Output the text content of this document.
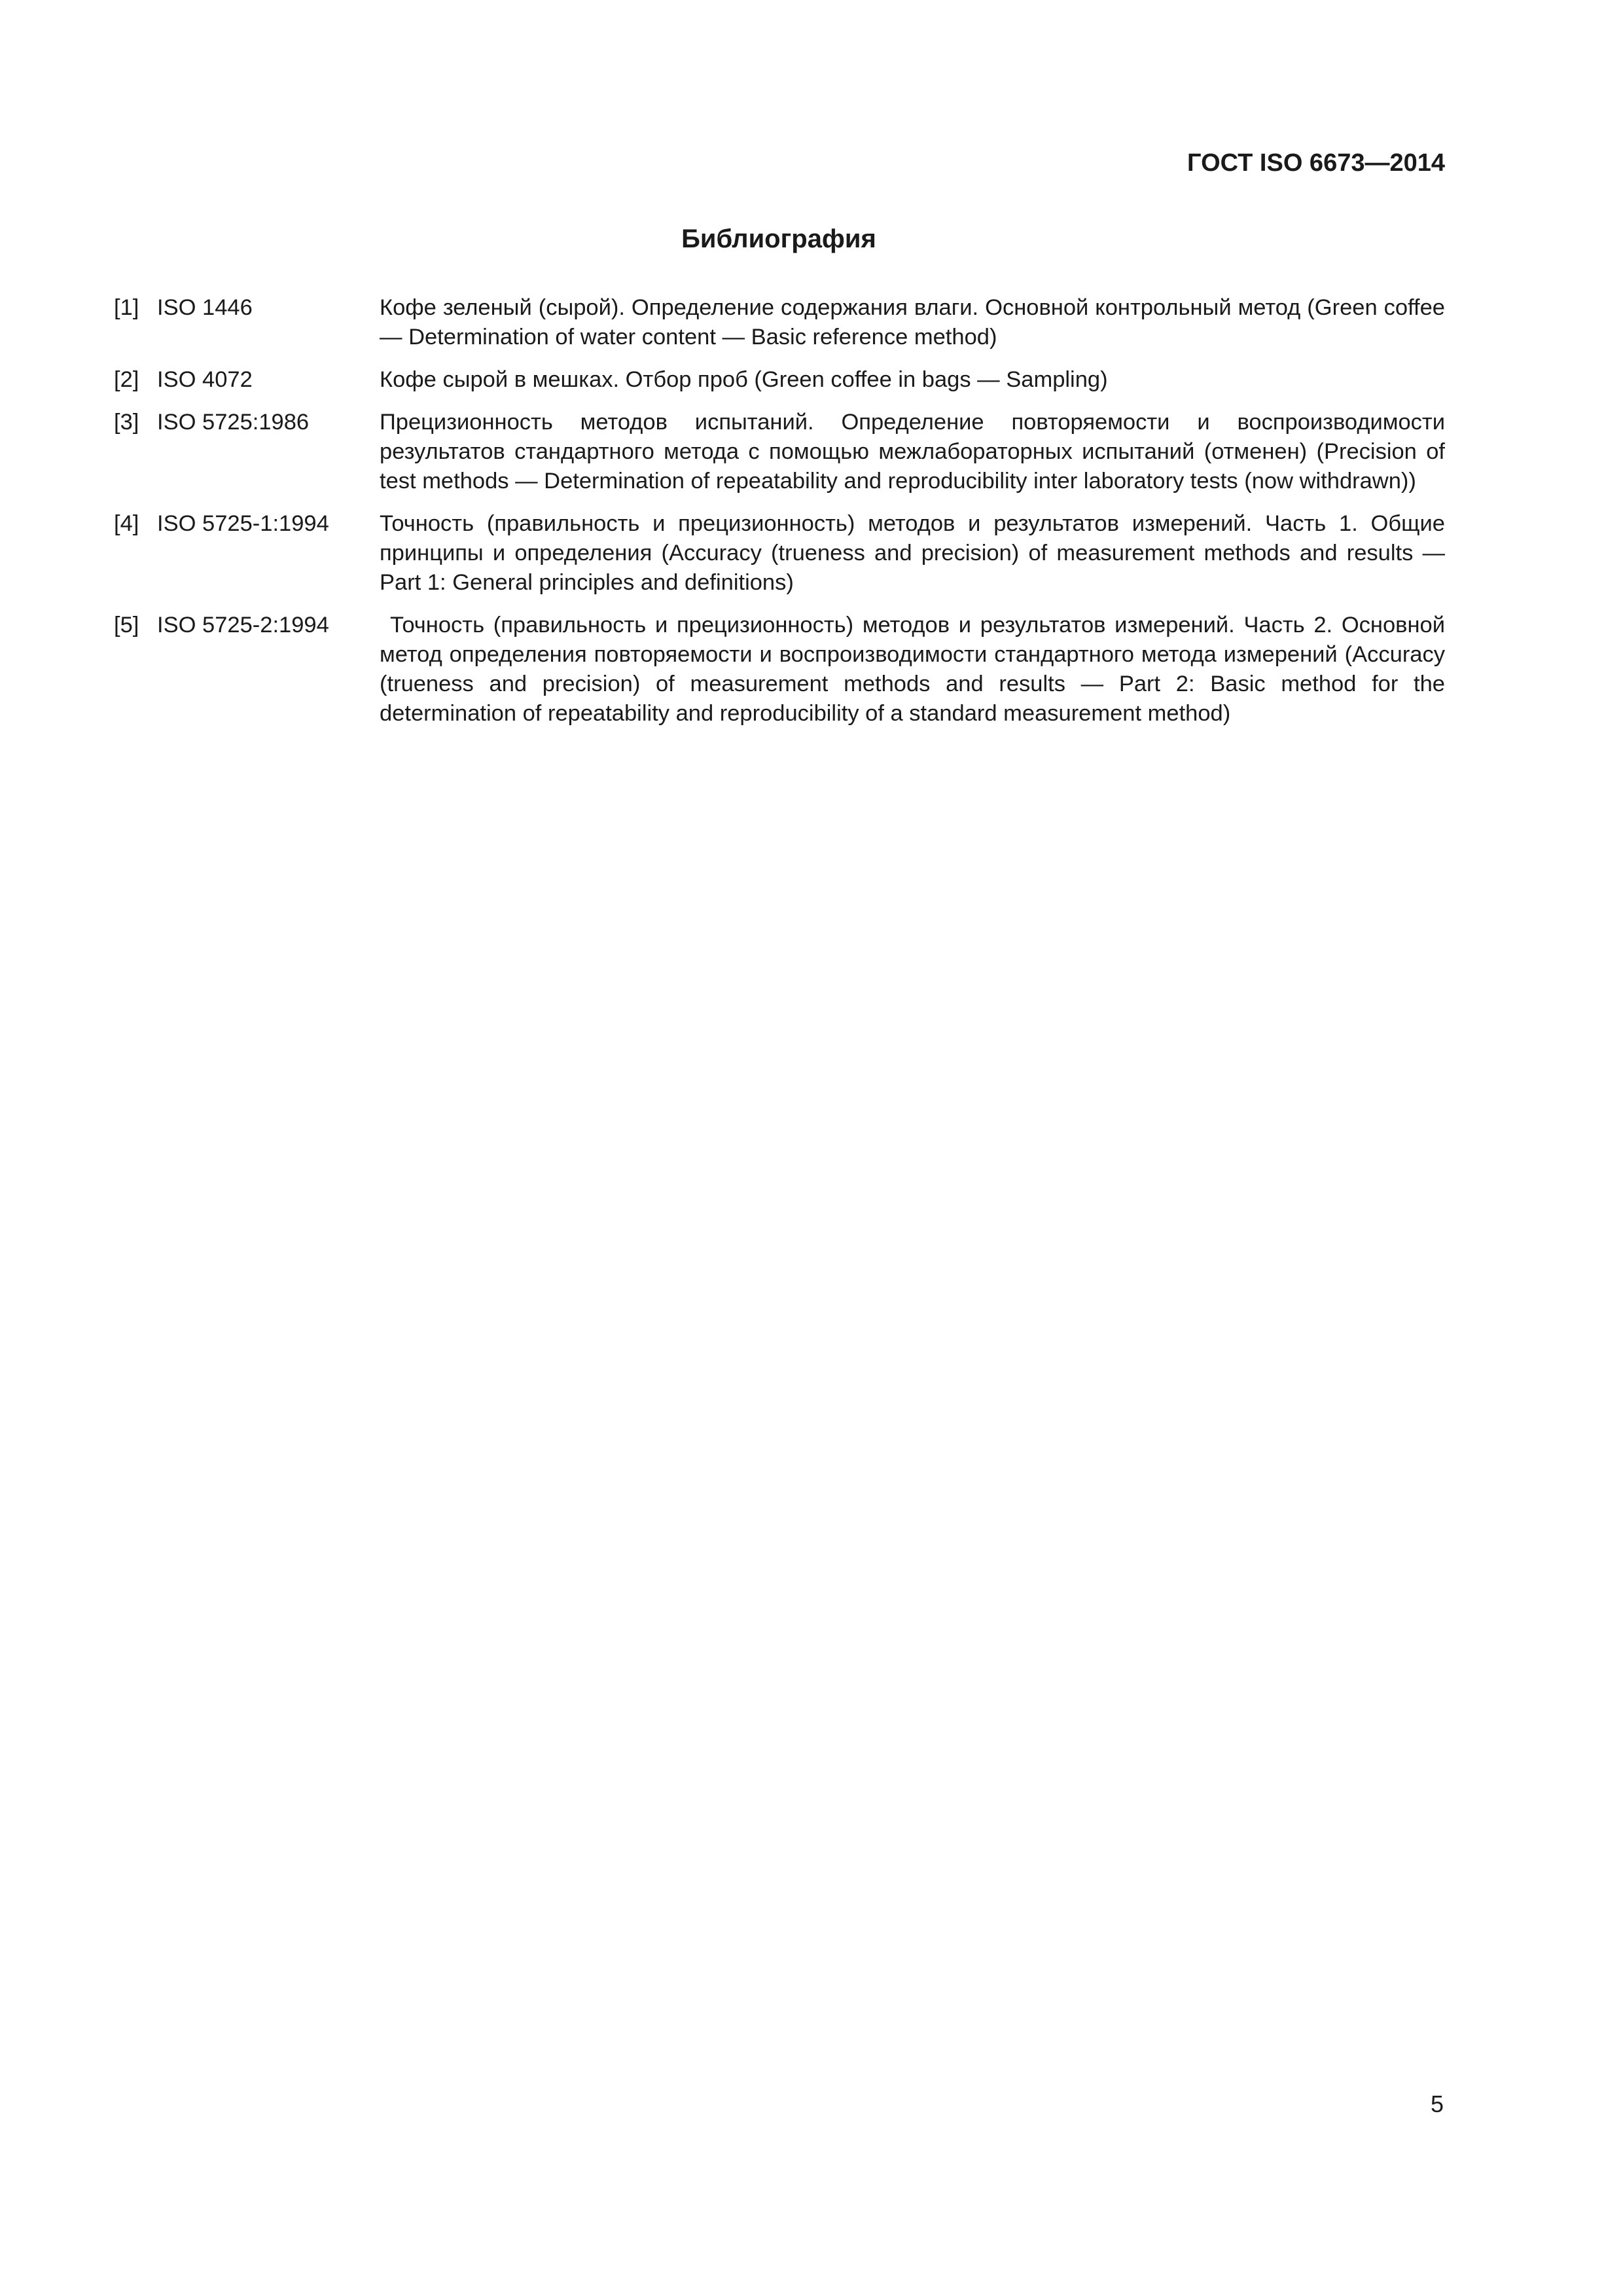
ГОСТ ISO 6673—2014
Библиография
[1] ISO 1446	Кофе зеленый (сырой). Определение содержания влаги. Основной контрольный метод (Green coffee — Determination of water content — Basic reference method)
[2] ISO 4072	Кофе сырой в мешках. Отбор проб (Green coffee in bags — Sampling)
[3] ISO 5725:1986	Прецизионность методов испытаний. Определение повторяемости и воспроизводимости результатов стандартного метода с помощью межлабораторных испытаний (отменен) (Precision of test methods — Determination of repeatability and reproducibility inter laboratory tests (now withdrawn))
[4] ISO 5725-1:1994	Точность (правильность и прецизионность) методов и результатов измерений. Часть 1. Общие принципы и определения (Accuracy (trueness and precision) of measurement methods and results — Part 1: General principles and definitions)
[5] ISO 5725-2:1994	Точность (правильность и прецизионность) методов и результатов измерений. Часть 2. Основной метод определения повторяемости и воспроизводимости стандартного метода измерений (Accuracy (trueness and precision) of measurement methods and results — Part 2: Basic method for the determination of repeatability and reproducibility of a standard measurement method)
5
